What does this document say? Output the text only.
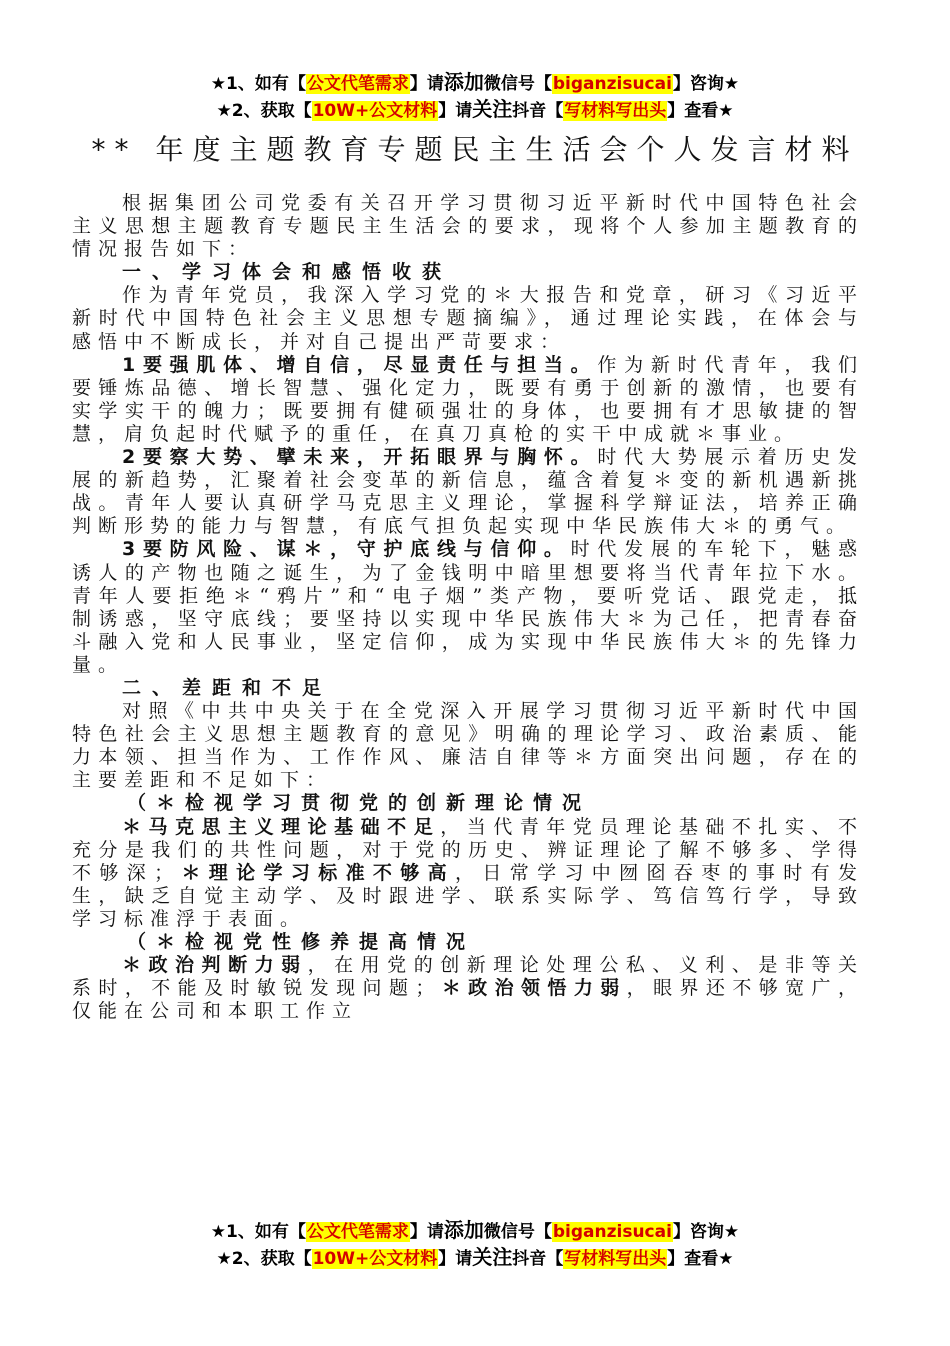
★1、如有【公文代笔需求】请添加微信号【biganzisucai】咨询★
★2、获取【10W+公文材料】请关注抖音【写材料写出头】查看★
** 年度主题教育专题民主生活会个人发言材料

根据集团公司党委有关召开学习贯彻习近平新时代中国特色社会主义思想主题教育专题民主生活会的要求，现将个人参加主题教育的情况报告如下：

一、学习体会和感悟收获

作为青年党员，我深入学习党的＊大报告和党章，研习《习近平新时代中国特色社会主义思想专题摘编》，通过理论实践，在体会与感悟中不断成长，并对自己提出严苛要求：

1要强肌体、增自信，尽显责任与担当。作为新时代青年，我们要锤炼品德、增长智慧、强化定力，既要有勇于创新的激情，也要有实学实干的魄力；既要拥有健硕强壮的身体，也要拥有才思敏捷的智慧，肩负起时代赋予的重任，在真刀真枪的实干中成就＊事业。

2要察大势、擘未来，开拓眼界与胸怀。时代大势展示着历史发展的新趋势，汇聚着社会变革的新信息，蕴含着复＊变的新机遇新挑战。青年人要认真研学马克思主义理论，掌握科学辩证法，培养正确判断形势的能力与智慧，有底气担负起实现中华民族伟大＊的勇气。

3要防风险、谋＊，守护底线与信仰。时代发展的车轮下，魅惑诱人的产物也随之诞生，为了金钱明中暗里想要将当代青年拉下水。青年人要拒绝＊“鸦片”和“电子烟”类产物，要听党话、跟党走，抵制诱惑，坚守底线；要坚持以实现中华民族伟大＊为己任，把青春奋斗融入党和人民事业，坚定信仰，成为实现中华民族伟大＊的先锋力量。

二、差距和不足

对照《中共中央关于在全党深入开展学习贯彻习近平新时代中国特色社会主义思想主题教育的意见》明确的理论学习、政治素质、能力本领、担当作为、工作作风、廉洁自律等＊方面突出问题，存在的主要差距和不足如下：

（＊检视学习贯彻党的创新理论情况

＊马克思主义理论基础不足，当代青年党员理论基础不扎实、不充分是我们的共性问题，对于党的历史、辨证理论了解不够多、学得不够深；＊理论学习标准不够高，日常学习中囫囵吞枣的事时有发生，缺乏自觉主动学、及时跟进学、联系实际学、笃信笃行学，导致学习标准浮于表面。

（＊检视党性修养提高情况

＊政治判断力弱，在用党的创新理论处理公私、义利、是非等关系时，不能及时敏锐发现问题；＊政治领悟力弱，眼界还不够宽广，仅能在公司和本职工作立

★1、如有【公文代笔需求】请添加微信号【biganzisucai】咨询★
★2、获取【10W+公文材料】请关注抖音【写材料写出头】查看★
